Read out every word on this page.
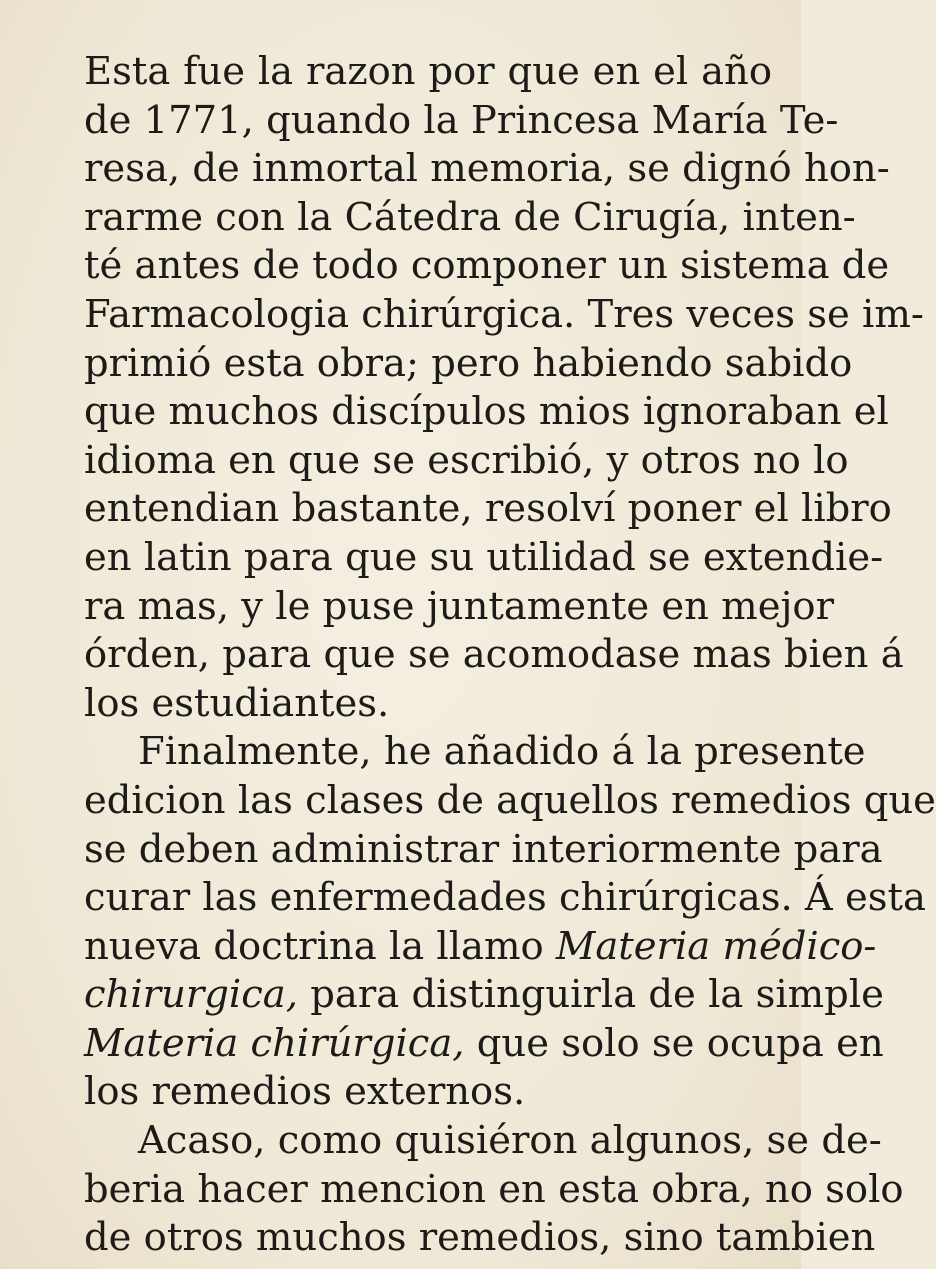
Esta fue la razon por que en el año
de 1771, quando la Princesa María Te-
resa, de inmortal memoria, se dignó hon-
rarme con la Cátedra de Cirugía, inten-
té antes de todo componer un sistema de
Farmacologia chirúrgica. Tres veces se im-
primió esta obra; pero habiendo sabido
que muchos discípulos mios ignoraban el
idioma en que se escribió, y otros no lo
entendian bastante, resolví poner el libro
en latin para que su utilidad se extendie-
ra mas, y le puse juntamente en mejor
órden, para que se acomodase mas bien á
los estudiantes.
Finalmente, he añadido á la presente
edicion las clases de aquellos remedios que
se deben administrar interiormente para
curar las enfermedades chirúrgicas. Á esta
nueva doctrina la llamo Materia médico-
chirurgica, para distinguirla de la simple
Materia chirúrgica, que solo se ocupa en
los remedios externos.
Acaso, como quisiéron algunos, se de-
beria hacer mencion en esta obra, no solo
de otros muchos remedios, sino tambien
